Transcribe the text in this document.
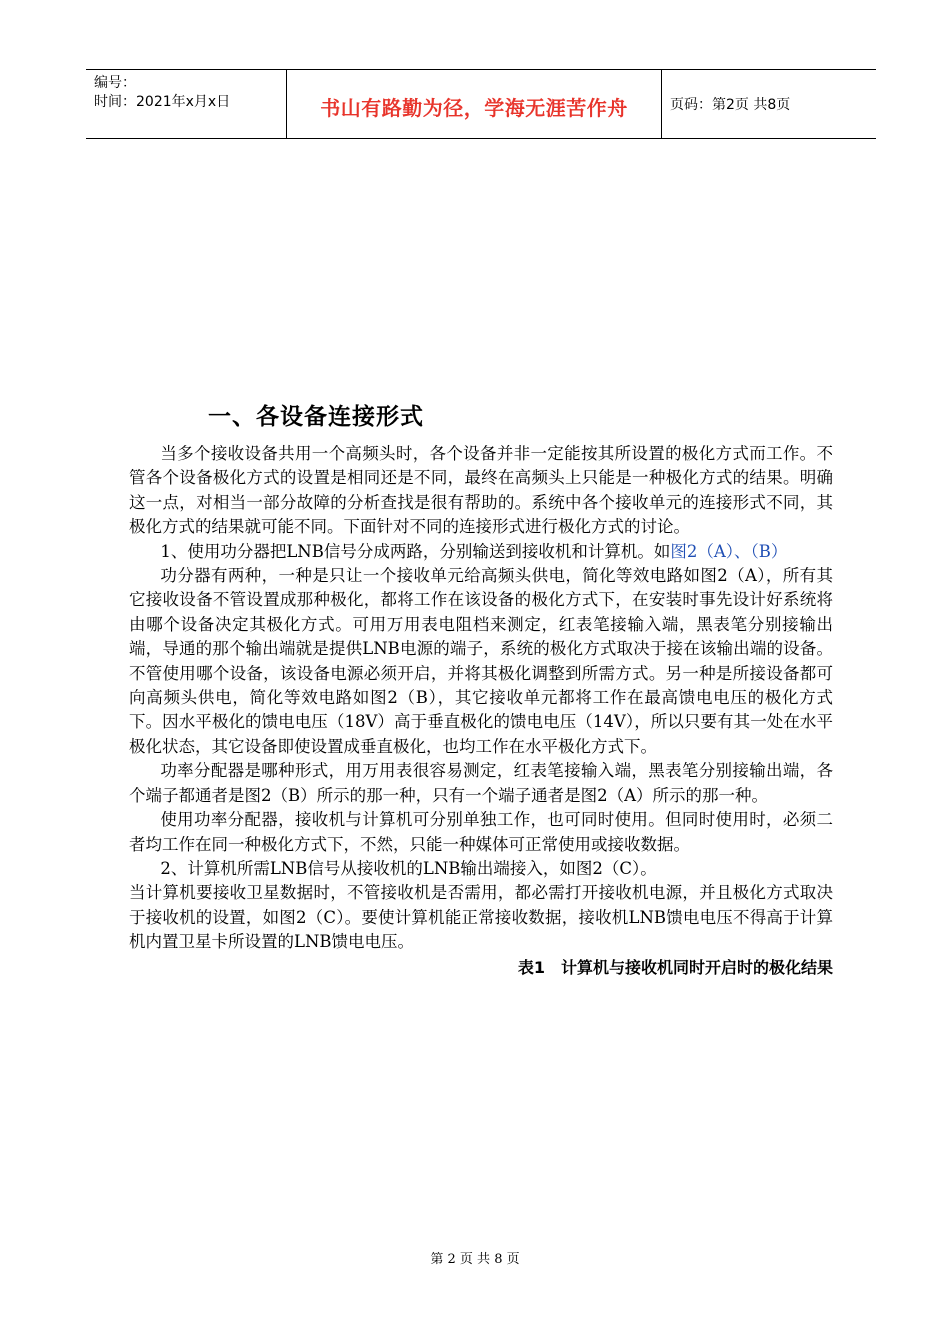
编号：
时间：2021年x月x日	书山有路勤为径，学海无涯苦作舟	页码：第2页 共8页
一、各设备连接形式

当多个接收设备共用一个高频头时，各个设备并非一定能按其所设置的极化方式而工作。不管各个设备极化方式的设置是相同还是不同，最终在高频头上只能是一种极化方式的结果。明确这一点，对相当一部分故障的分析查找是很有帮助的。系统中各个接收单元的连接形式不同，其极化方式的结果就可能不同。下面针对不同的连接形式进行极化方式的讨论。

1、使用功分器把LNB信号分成两路，分别输送到接收机和计算机。如图2（A）、（B）

功分器有两种，一种是只让一个接收单元给高频头供电，简化等效电路如图2（A），所有其它接收设备不管设置成那种极化，都将工作在该设备的极化方式下，在安装时事先设计好系统将由哪个设备决定其极化方式。可用万用表电阻档来测定，红表笔接输入端，黑表笔分别接输出端，导通的那个输出端就是提供LNB电源的端子，系统的极化方式取决于接在该输出端的设备。不管使用哪个设备，该设备电源必须开启，并将其极化调整到所需方式。另一种是所接设备都可向高频头供电，简化等效电路如图2（B），其它接收单元都将工作在最高馈电电压的极化方式下。因水平极化的馈电电压（18V）高于垂直极化的馈电电压（14V），所以只要有其一处在水平极化状态，其它设备即使设置成垂直极化，也均工作在水平极化方式下。

功率分配器是哪种形式，用万用表很容易测定，红表笔接输入端，黑表笔分别接输出端，各个端子都通者是图2（B）所示的那一种，只有一个端子通者是图2（A）所示的那一种。

使用功率分配器，接收机与计算机可分别单独工作，也可同时使用。但同时使用时，必须二者均工作在同一种极化方式下，不然，只能一种媒体可正常使用或接收数据。

2、计算机所需LNB信号从接收机的LNB输出端接入，如图2（C）。

当计算机要接收卫星数据时，不管接收机是否需用，都必需打开接收机电源，并且极化方式取决于接收机的设置，如图2（C）。要使计算机能正常接收数据，接收机LNB馈电电压不得高于计算机内置卫星卡所设置的LNB馈电电压。

表1　计算机与接收机同时开启时的极化结果
第 2 页 共 8 页
